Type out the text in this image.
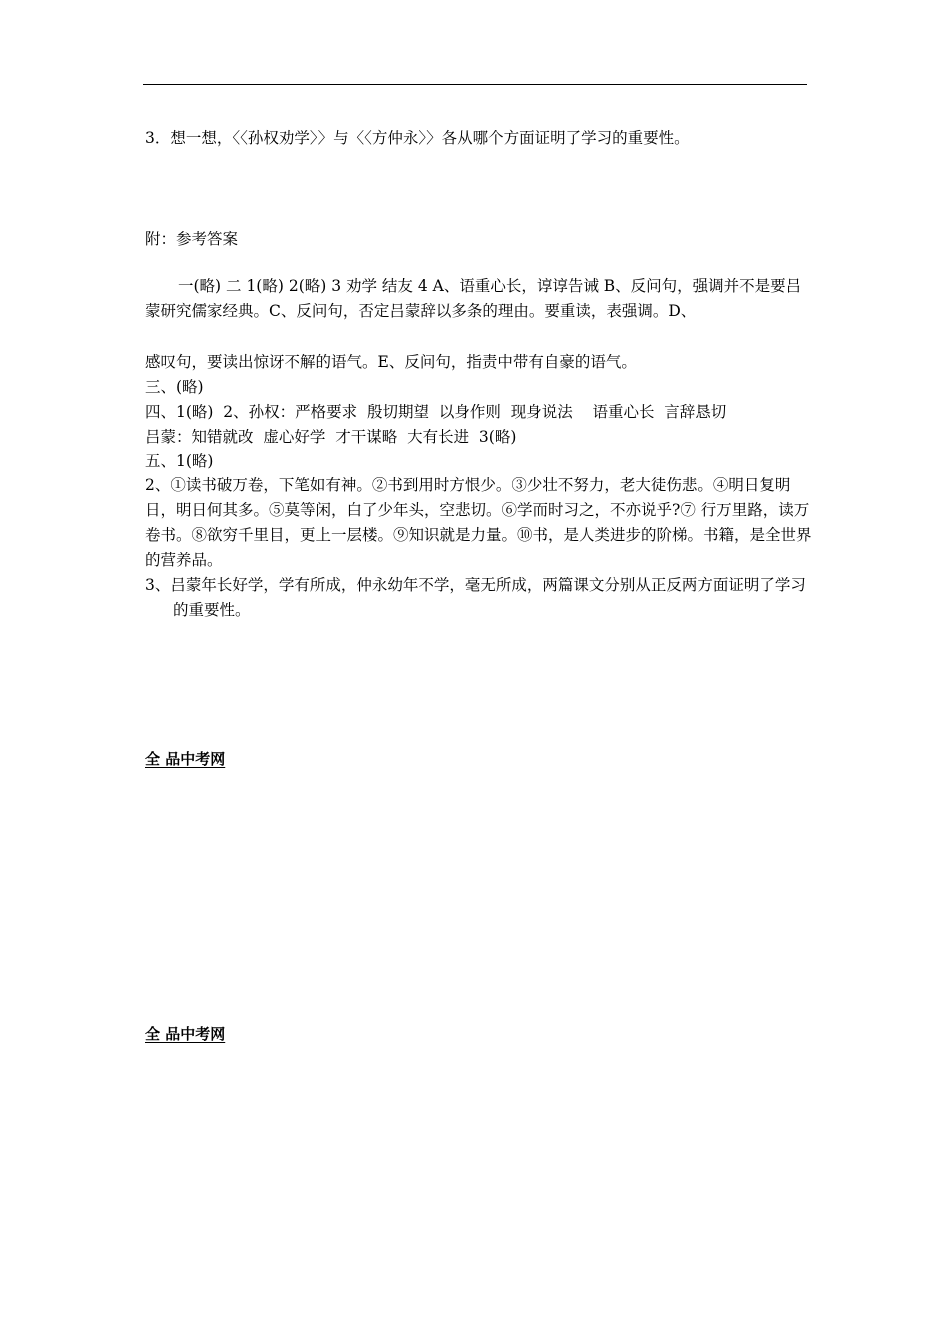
3．想一想，〈〈孙权劝学〉〉与〈〈方仲永〉〉各从哪个方面证明了学习的重要性。
附：参考答案
一(略) 二 1(略) 2(略) 3 劝学 结友 4 A、语重心长，谆谆告诫 B、反问句，强调并不是要吕蒙研究儒家经典。C、反问句，否定吕蒙辞以多条的理由。要重读，表强调。D、
感叹句，要读出惊讶不解的语气。E、反问句，指责中带有自豪的语气。
三、(略)
四、1(略)  2、孙权：严格要求  殷切期望  以身作则  现身说法    语重心长  言辞恳切
吕蒙：知错就改  虚心好学  才干谋略  大有长进  3(略)
五、1(略)
2、①读书破万卷，下笔如有神。②书到用时方恨少。③少壮不努力，老大徒伤悲。④明日复明日，明日何其多。⑤莫等闲，白了少年头，空悲切。⑥学而时习之，不亦说乎?⑦ 行万里路，读万卷书。⑧欲穷千里目，更上一层楼。⑨知识就是力量。⑩书，是人类进步的阶梯。书籍，是全世界的营养品。
3、吕蒙年长好学，学有所成，仲永幼年不学，毫无所成，两篇课文分别从正反两方面证明了学习的重要性。
全 品中考网
全 品中考网
